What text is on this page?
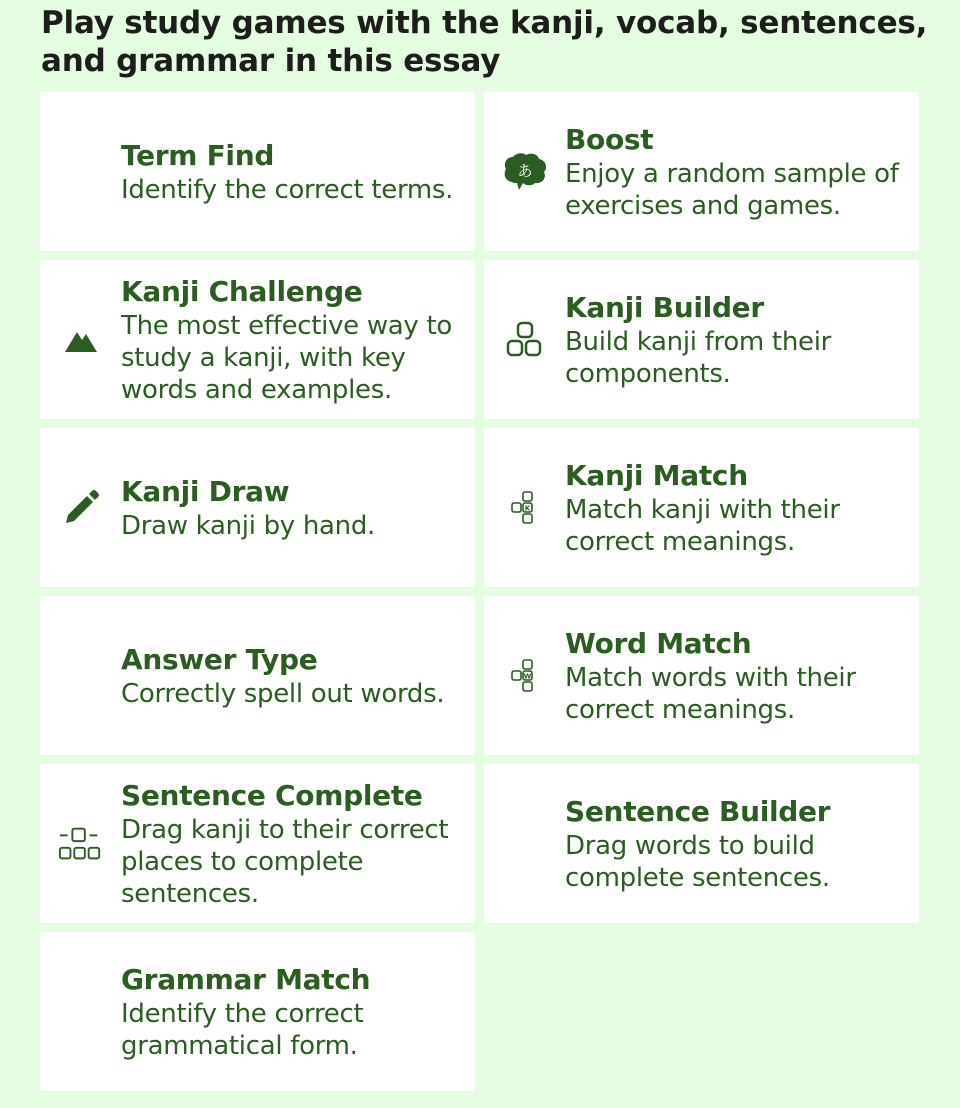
Play study games with the kanji, vocab, sentences, and grammar in this essay
Term Find
Identify the correct terms.
あ
Boost
Enjoy a random sample of exercises and games.
Kanji Challenge
The most effective way to study a kanji, with key words and examples.
Kanji Builder
Build kanji from their components.
Kanji Draw
Draw kanji by hand.
K
Kanji Match
Match kanji with their correct meanings.
Answer Type
Correctly spell out words.
W
Word Match
Match words with their correct meanings.
Sentence Complete
Drag kanji to their correct places to complete sentences.
Sentence Builder
Drag words to build complete sentences.
Grammar Match
Identify the correct grammatical form.
